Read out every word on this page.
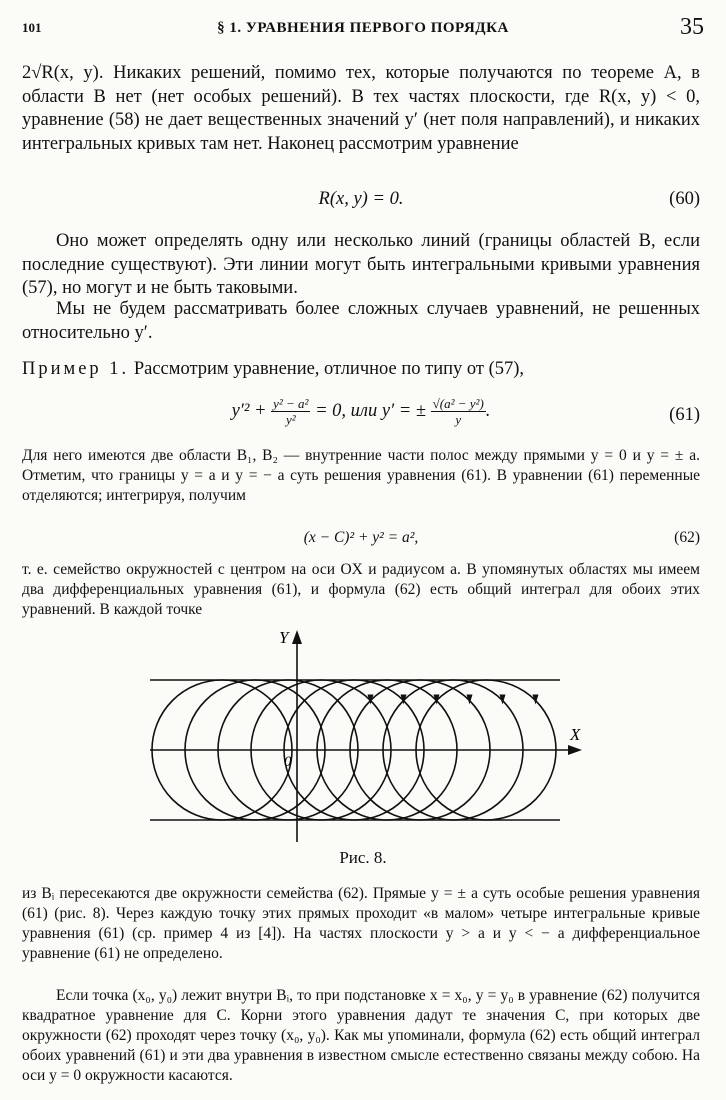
101	§ 1. УРАВНЕНИЯ ПЕРВОГО ПОРЯДКА	35
2√R(x, y). Никаких решений, помимо тех, которые получаются по теореме A, в области B нет (нет особых решений). В тех частях плоскости, где R(x, y) < 0, уравнение (58) не дает вещественных значений y′ (нет поля направлений), и никаких интегральных кривых там нет. Наконец рассмотрим уравнение
R(x, y) = 0.	(60)
Оно может определять одну или несколько линий (границы областей B, если последние существуют). Эти линии могут быть интегральными кривыми уравнения (57), но могут и не быть таковыми.
Мы не будем рассматривать более сложных случаев уравнений, не решенных относительно y′.
Пример 1. Рассмотрим уравнение, отличное по типу от (57),
$y'^2 + \frac{\text{y² − a²}}{\text{y²}} = 0$, или y′ = ± $\frac{\text{√(a² − y²)}}{y}$ .	(61)
Для него имеются две области B₁, B₂ — внутренние части полос между прямыми y = 0 и y = ± a. Отметим, что границы y = a и y = − a суть решения уравнения (61). В уравнении (61) переменные отделяются; интегрируя, получим
(x − C)² + y² = a²,	(62)
т. е. семейство окружностей с центром на оси OX и радиусом a. В упомянутых областях мы имеем два дифференциальных уравнения (61), и формула (62) есть общий интеграл для обоих этих уравнений. В каждой точке
Y
X
0
Рис. 8.
из Bᵢ пересекаются две окружности семейства (62). Прямые y = ± a суть особые решения уравнения (61) (рис. 8). Через каждую точку этих прямых проходит «в малом» четыре интегральные кривые уравнения (61) (ср. пример 4 из [4]). На частях плоскости y > a и y < − a дифференциальное уравнение (61) не определено.
Если точка (x₀, y₀) лежит внутри Bᵢ, то при подстановке x = x₀, y = y₀ в уравнение (62) получится квадратное уравнение для C. Корни этого уравнения дадут те значения C, при которых две окружности (62) проходят через точку (x₀, y₀). Как мы упоминали, формула (62) есть общий интеграл обоих уравнений (61) и эти два уравнения в известном смысле естественно связаны между собою. На оси y = 0 окружности касаются.
